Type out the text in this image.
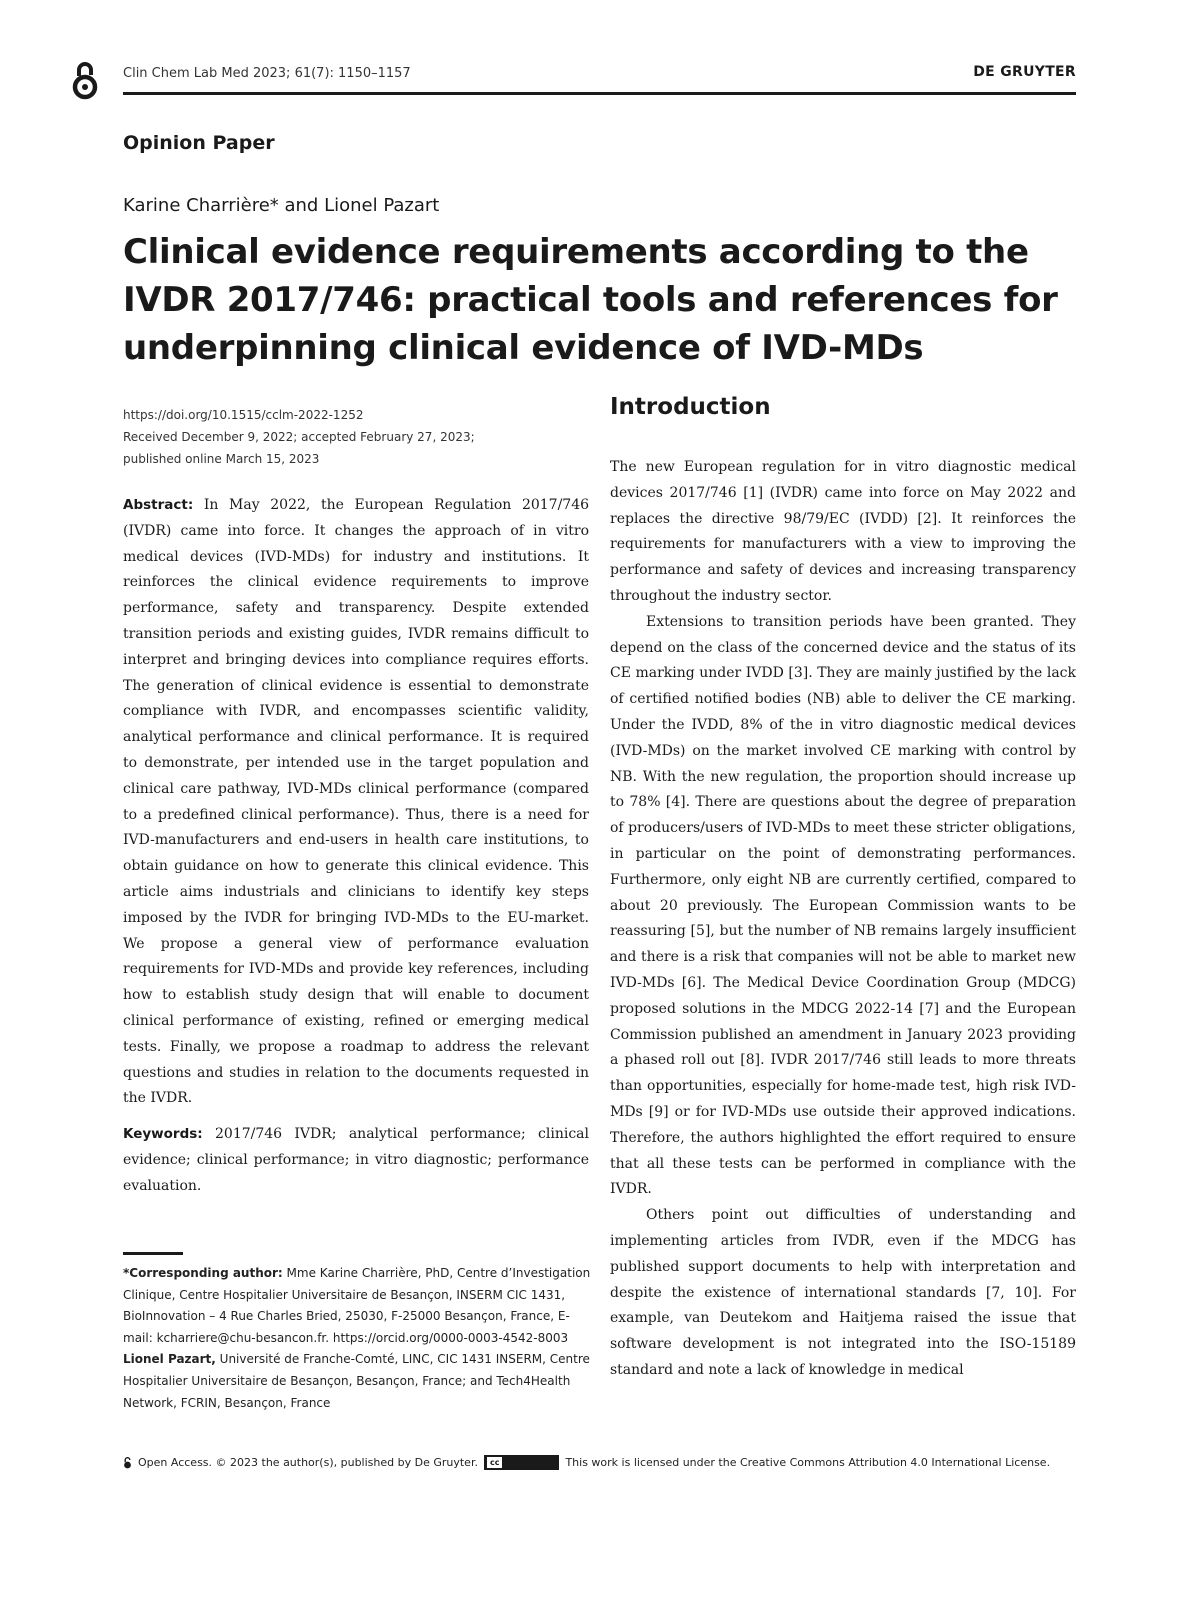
Clin Chem Lab Med 2023; 61(7): 1150–1157	DE GRUYTER
Opinion Paper
Karine Charrière* and Lionel Pazart
Clinical evidence requirements according to the IVDR 2017/746: practical tools and references for underpinning clinical evidence of IVD-MDs
https://doi.org/10.1515/cclm-2022-1252
Received December 9, 2022; accepted February 27, 2023;
published online March 15, 2023

Abstract: In May 2022, the European Regulation 2017/746 (IVDR) came into force. It changes the approach of in vitro medical devices (IVD-MDs) for industry and institutions. It reinforces the clinical evidence requirements to improve performance, safety and transparency. Despite extended transition periods and existing guides, IVDR remains difficult to interpret and bringing devices into compliance requires efforts. The generation of clinical evidence is essential to demonstrate compliance with IVDR, and encompasses scientific validity, analytical performance and clinical performance. It is required to demonstrate, per intended use in the target population and clinical care pathway, IVD-MDs clinical performance (compared to a predefined clinical performance). Thus, there is a need for IVD-manufacturers and end-users in health care institutions, to obtain guidance on how to generate this clinical evidence. This article aims industrials and clinicians to identify key steps imposed by the IVDR for bringing IVD-MDs to the EU-market. We propose a general view of performance evaluation requirements for IVD-MDs and provide key references, including how to establish study design that will enable to document clinical performance of existing, refined or emerging medical tests. Finally, we propose a roadmap to address the relevant questions and studies in relation to the documents requested in the IVDR.

Keywords: 2017/746 IVDR; analytical performance; clinical evidence; clinical performance; in vitro diagnostic; performance evaluation.

*Corresponding author: Mme Karine Charrière, PhD, Centre d’Investigation Clinique, Centre Hospitalier Universitaire de Besançon, INSERM CIC 1431, BioInnovation – 4 Rue Charles Bried, 25030, F-25000 Besançon, France, E-mail: kcharriere@chu-besancon.fr. https://orcid.org/0000-0003-4542-8003

Lionel Pazart, Université de Franche-Comté, LINC, CIC 1431 INSERM, Centre Hospitalier Universitaire de Besançon, Besançon, France; and Tech4Health Network, FCRIN, Besançon, France

Introduction

The new European regulation for in vitro diagnostic medical devices 2017/746 [1] (IVDR) came into force on May 2022 and replaces the directive 98/79/EC (IVDD) [2]. It reinforces the requirements for manufacturers with a view to improving the performance and safety of devices and increasing transparency throughout the industry sector.

Extensions to transition periods have been granted. They depend on the class of the concerned device and the status of its CE marking under IVDD [3]. They are mainly justified by the lack of certified notified bodies (NB) able to deliver the CE marking. Under the IVDD, 8% of the in vitro diagnostic medical devices (IVD-MDs) on the market involved CE marking with control by NB. With the new regulation, the proportion should increase up to 78% [4]. There are questions about the degree of preparation of producers/users of IVD-MDs to meet these stricter obligations, in particular on the point of demonstrating performances. Furthermore, only eight NB are currently certified, compared to about 20 previously. The European Commission wants to be reassuring [5], but the number of NB remains largely insufficient and there is a risk that companies will not be able to market new IVD-MDs [6]. The Medical Device Coordination Group (MDCG) proposed solutions in the MDCG 2022-14 [7] and the European Commission published an amendment in January 2023 providing a phased roll out [8]. IVDR 2017/746 still leads to more threats than opportunities, especially for home-made test, high risk IVD-MDs [9] or for IVD-MDs use outside their approved indications. Therefore, the authors highlighted the effort required to ensure that all these tests can be performed in compliance with the IVDR.

Others point out difficulties of understanding and implementing articles from IVDR, even if the MDCG has published support documents to help with interpretation and despite the existence of international standards [7, 10]. For example, van Deutekom and Haitjema raised the issue that software development is not integrated into the ISO-15189 standard and note a lack of knowledge in medical

Open Access. © 2023 the author(s), published by De Gruyter.	cc	This work is licensed under the Creative Commons Attribution 4.0 International License.
